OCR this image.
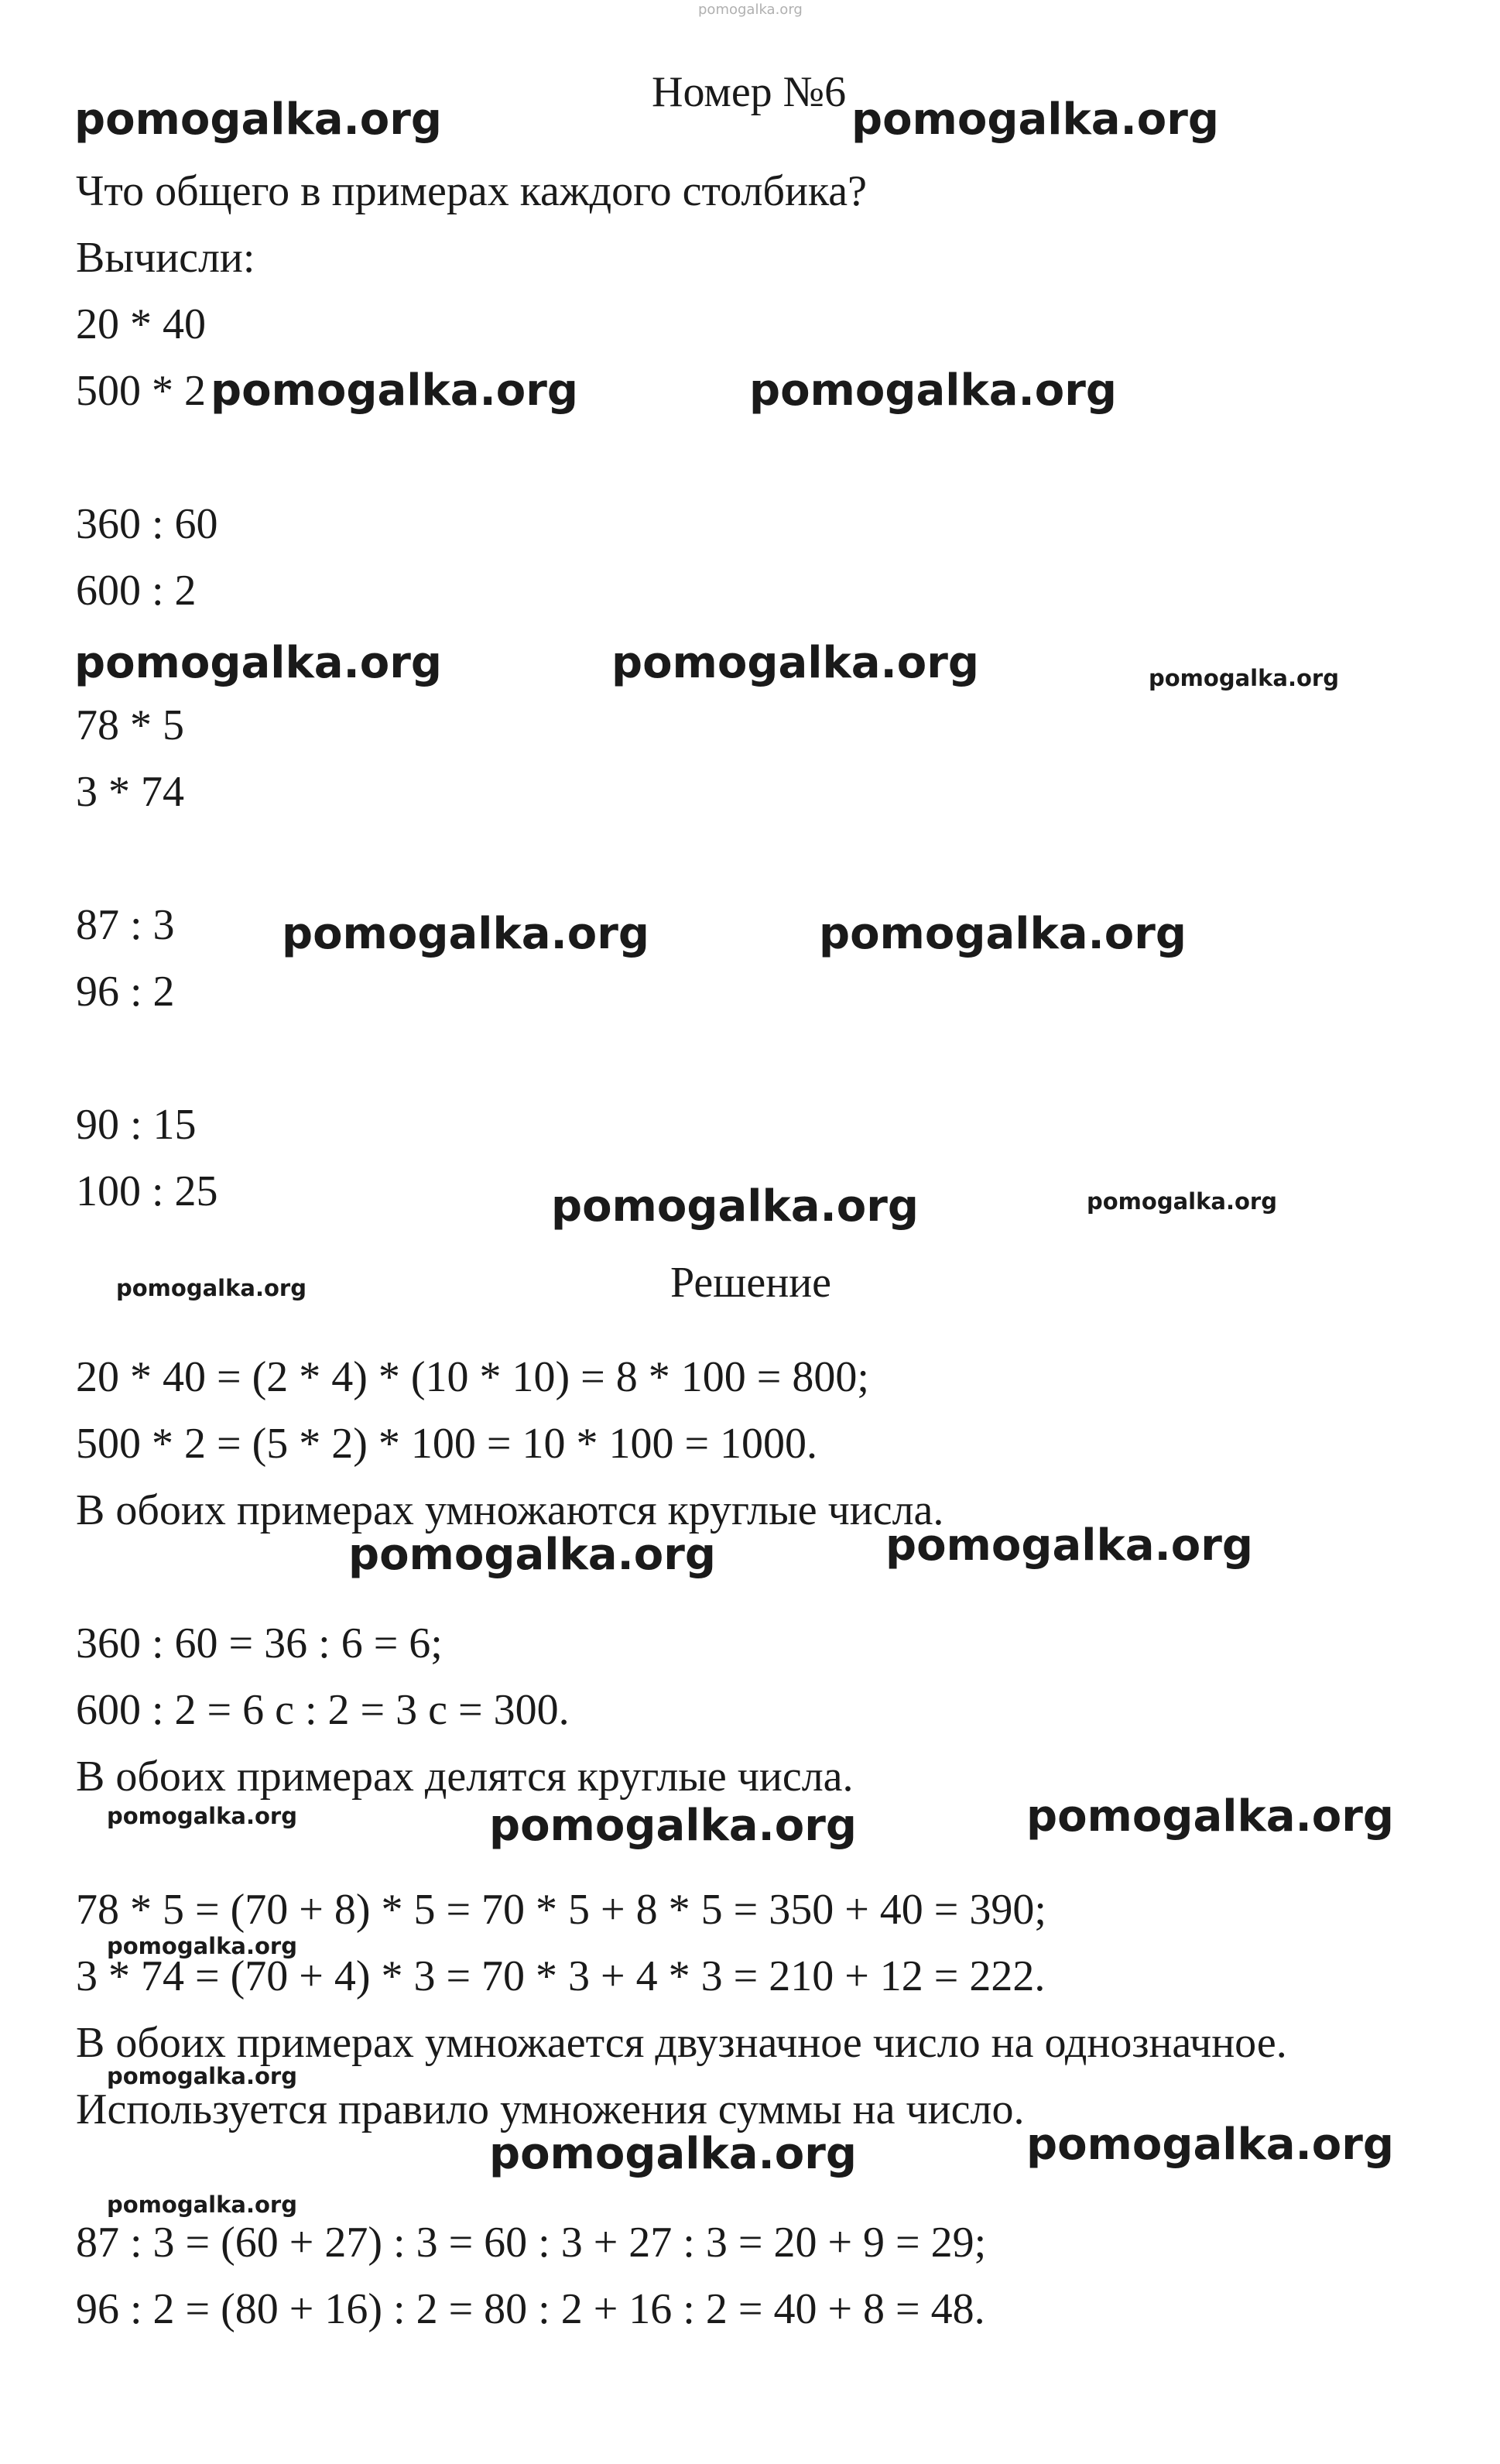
pomogalka.org
Номер №6
Что общего в примерах каждого столбика?
Вычисли:
20 * 40
500 * 2
360 : 60
600 : 2
78 * 5
3 * 74
87 : 3
96 : 2
90 : 15
100 : 25
Решение
20 * 40 = (2 * 4) * (10 * 10) = 8 * 100 = 800;
500 * 2 = (5 * 2) * 100 = 10 * 100 = 1000.
В обоих примерах умножаются круглые числа.
360 : 60 = 36 : 6 = 6;
600 : 2 = 6 с : 2 = 3 с = 300.
В обоих примерах делятся круглые числа.
78 * 5 = (70 + 8) * 5 = 70 * 5 + 8 * 5 = 350 + 40 = 390;
3 * 74 = (70 + 4) * 3 = 70 * 3 + 4 * 3 = 210 + 12 = 222.
В обоих примерах умножается двузначное число на однозначное.
Используется правило умножения суммы на число.
87 : 3 = (60 + 27) : 3 = 60 : 3 + 27 : 3 = 20 + 9 = 29;
96 : 2 = (80 + 16) : 2 = 80 : 2 + 16 : 2 = 40 + 8 = 48.
pomogalka.org	pomogalka.org
pomogalka.org	pomogalka.org
pomogalka.org	pomogalka.org	pomogalka.org
pomogalka.org	pomogalka.org
pomogalka.org	pomogalka.org
pomogalka.org
pomogalka.org	pomogalka.org
pomogalka.org	pomogalka.org	pomogalka.org
pomogalka.org
pomogalka.org
pomogalka.org	pomogalka.org
pomogalka.org
